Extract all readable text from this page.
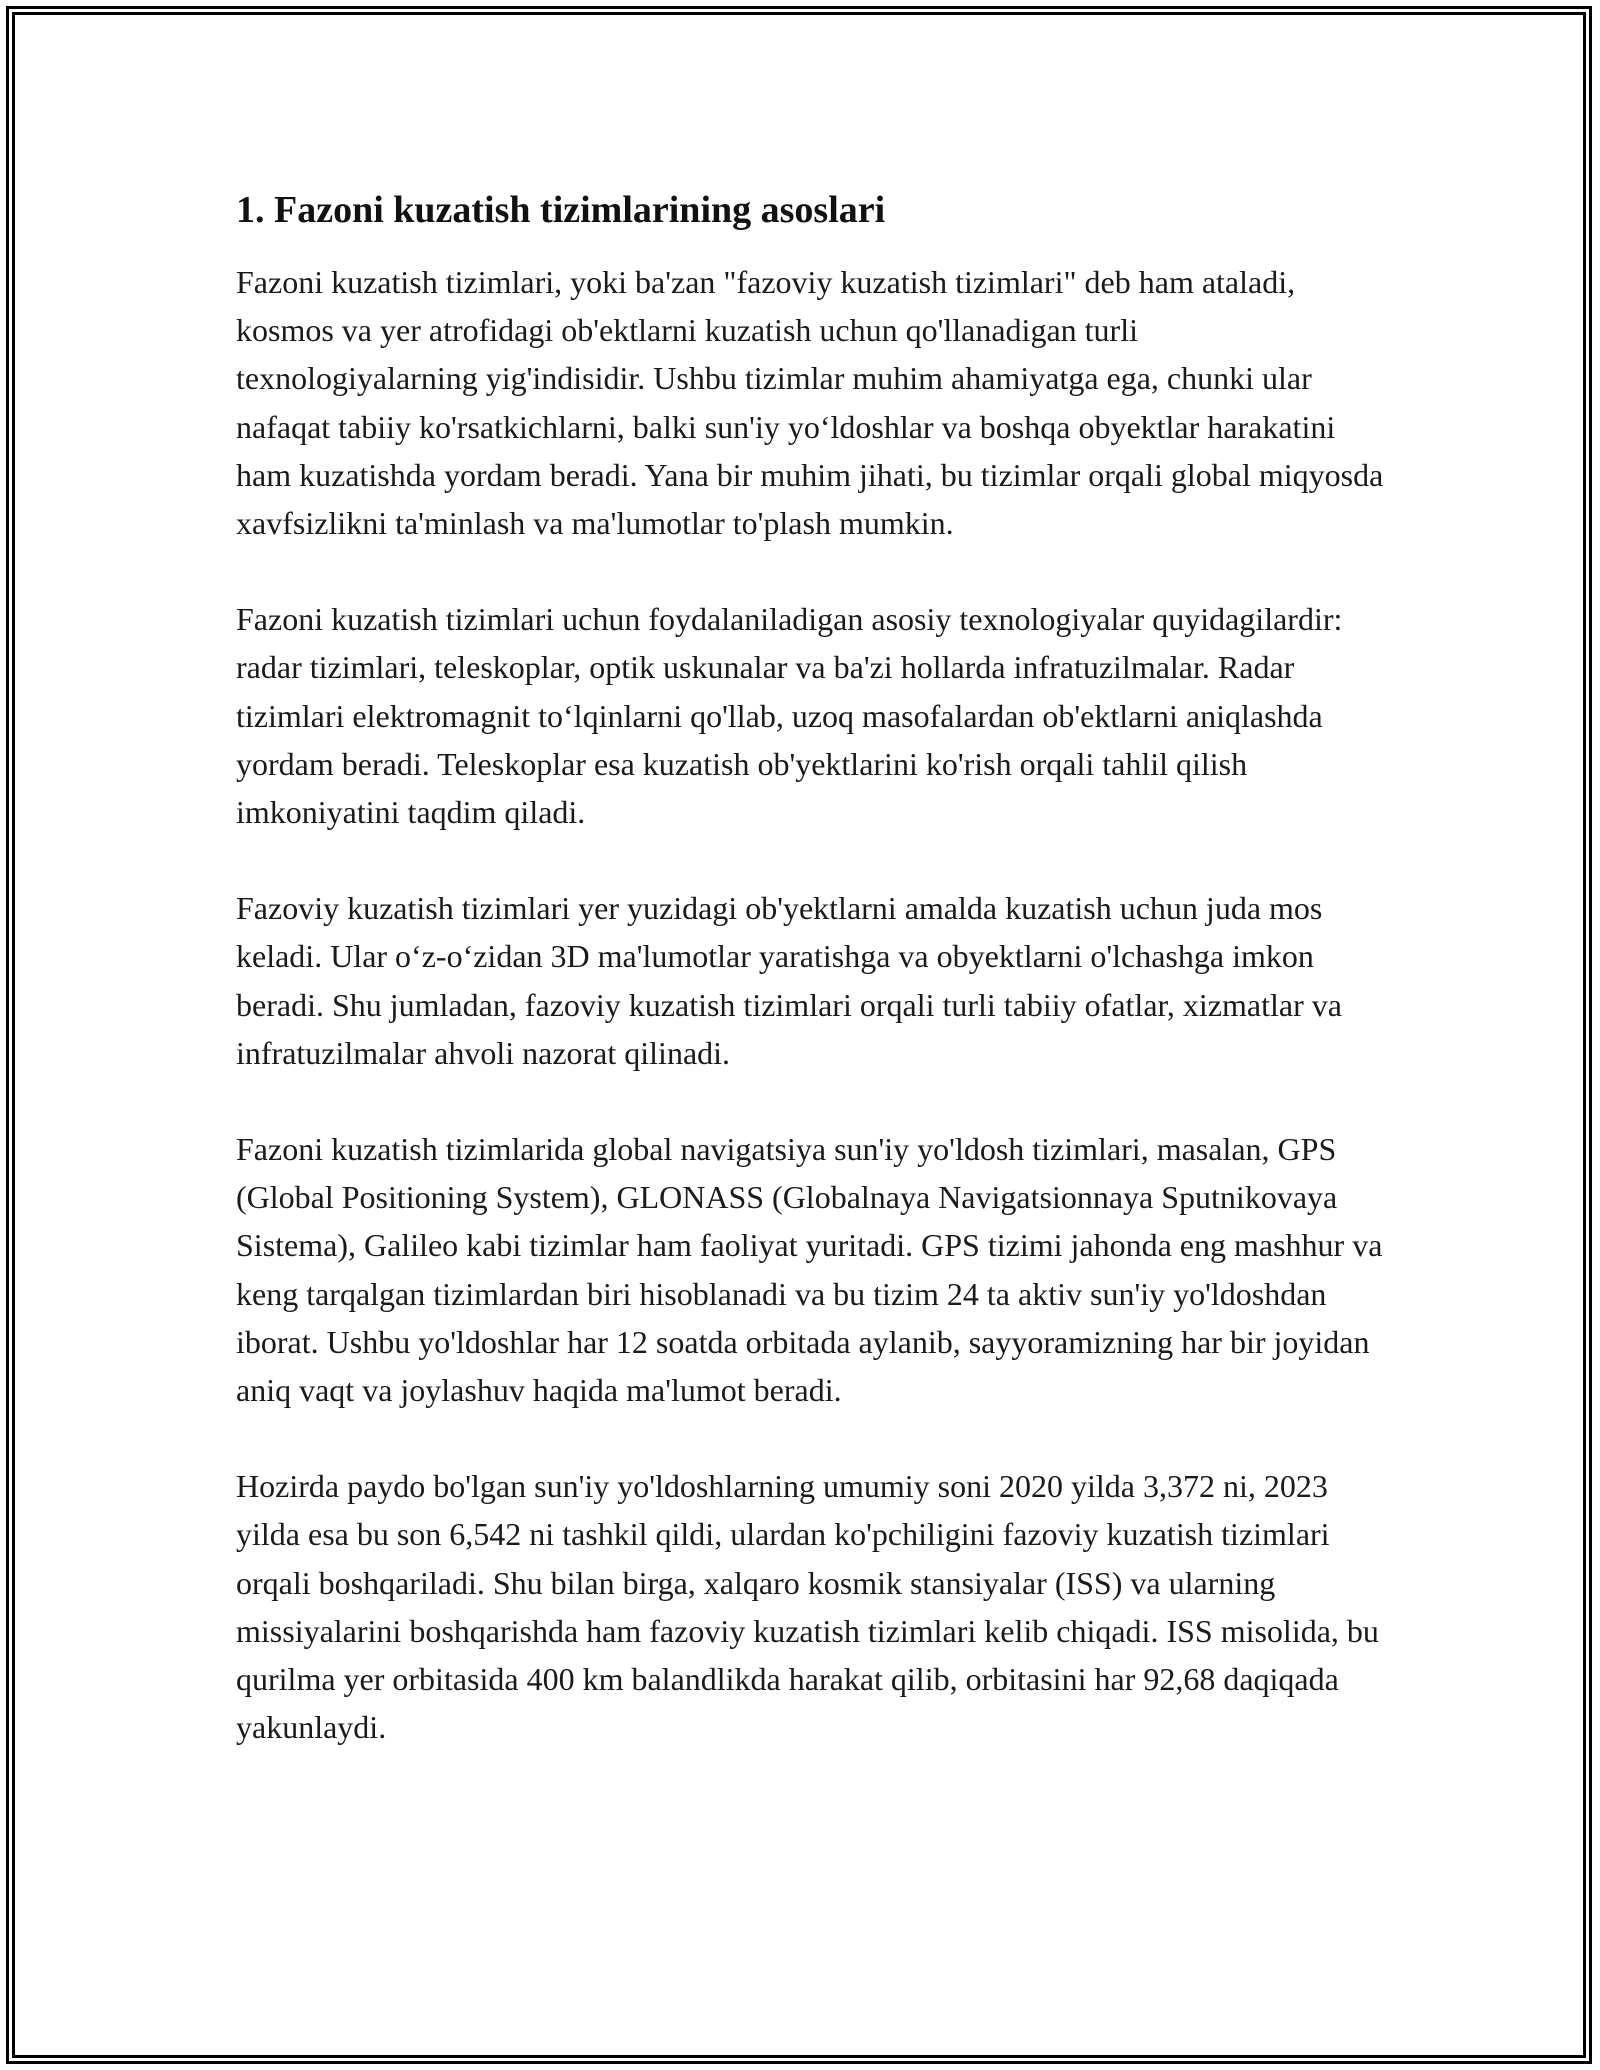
1. Fazoni kuzatish tizimlarining asoslari

Fazoni kuzatish tizimlari, yoki ba'zan "fazoviy kuzatish tizimlari" deb ham ataladi, kosmos va yer atrofidagi ob'ektlarni kuzatish uchun qo'llanadigan turli texnologiyalarning yig'indisidir. Ushbu tizimlar muhim ahamiyatga ega, chunki ular nafaqat tabiiy ko'rsatkichlarni, balki sun'iy yo‘ldoshlar va boshqa obyektlar harakatini ham kuzatishda yordam beradi. Yana bir muhim jihati, bu tizimlar orqali global miqyosda xavfsizlikni ta'minlash va ma'lumotlar to'plash mumkin.

Fazoni kuzatish tizimlari uchun foydalaniladigan asosiy texnologiyalar quyidagilardir: radar tizimlari, teleskoplar, optik uskunalar va ba'zi hollarda infratuzilmalar. Radar tizimlari elektromagnit to‘lqinlarni qo'llab, uzoq masofalardan ob'ektlarni aniqlashda yordam beradi. Teleskoplar esa kuzatish ob'yektlarini ko'rish orqali tahlil qilish imkoniyatini taqdim qiladi.

Fazoviy kuzatish tizimlari yer yuzidagi ob'yektlarni amalda kuzatish uchun juda mos keladi. Ular o‘z-o‘zidan 3D ma'lumotlar yaratishga va obyektlarni o'lchashga imkon beradi. Shu jumladan, fazoviy kuzatish tizimlari orqali turli tabiiy ofatlar, xizmatlar va infratuzilmalar ahvoli nazorat qilinadi.

Fazoni kuzatish tizimlarida global navigatsiya sun'iy yo'ldosh tizimlari, masalan, GPS (Global Positioning System), GLONASS (Globalnaya Navigatsionnaya Sputnikovaya Sistema), Galileo kabi tizimlar ham faoliyat yuritadi. GPS tizimi jahonda eng mashhur va keng tarqalgan tizimlardan biri hisoblanadi va bu tizim 24 ta aktiv sun'iy yo'ldoshdan iborat. Ushbu yo'ldoshlar har 12 soatda orbitada aylanib, sayyoramizning har bir joyidan aniq vaqt va joylashuv haqida ma'lumot beradi.

Hozirda paydo bo'lgan sun'iy yo'ldoshlarning umumiy soni 2020 yilda 3,372 ni, 2023 yilda esa bu son 6,542 ni tashkil qildi, ulardan ko'pchiligini fazoviy kuzatish tizimlari orqali boshqariladi. Shu bilan birga, xalqaro kosmik stansiyalar (ISS) va ularning missiyalarini boshqarishda ham fazoviy kuzatish tizimlari kelib chiqadi. ISS misolida, bu qurilma yer orbitasida 400 km balandlikda harakat qilib, orbitasini har 92,68 daqiqada yakunlaydi.
